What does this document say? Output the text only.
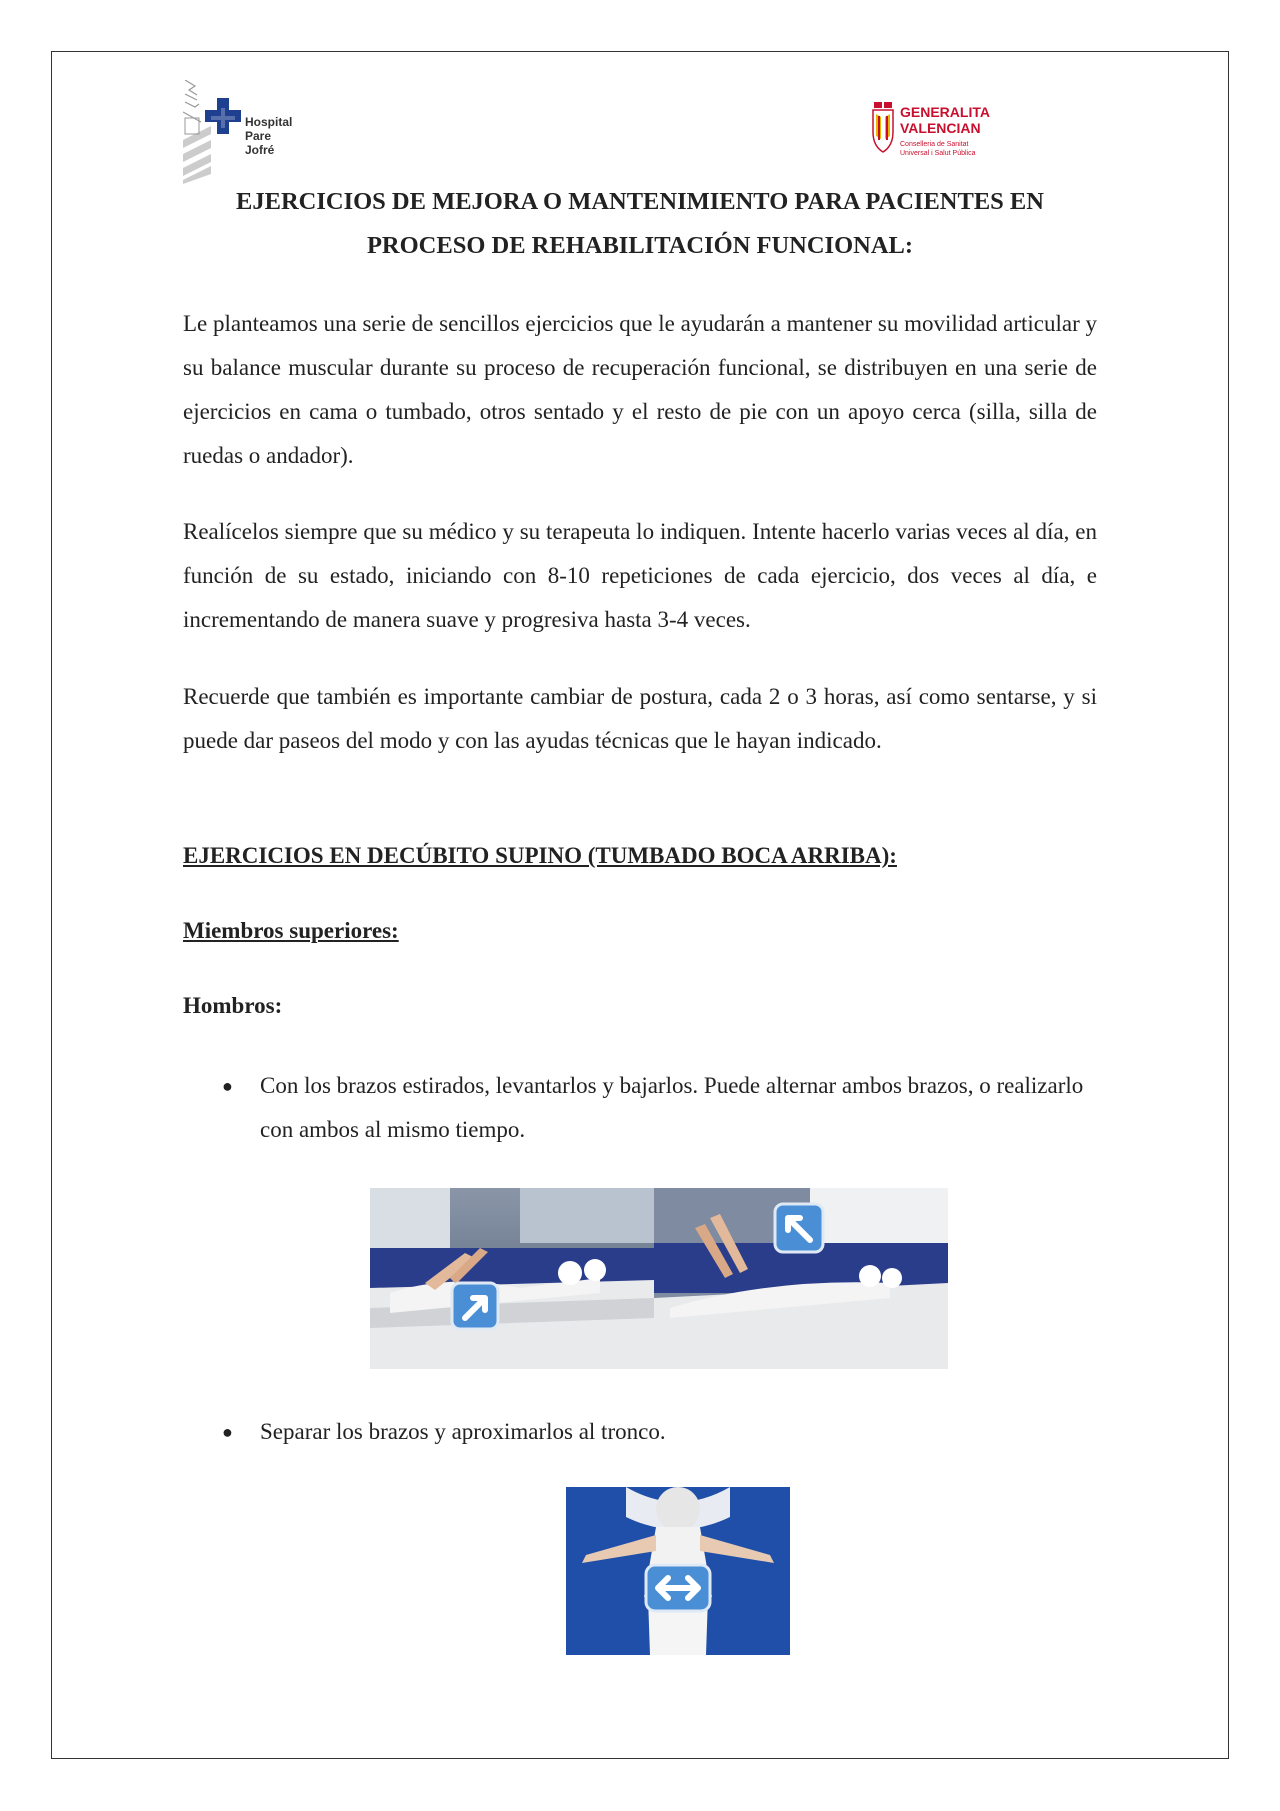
Hospital
Pare Jofré
GENERALITA
VALENCIAN
Conselleria de Sanitat
Universal i Salut Pública
EJERCICIOS DE MEJORA O MANTENIMIENTO PARA PACIENTES EN
PROCESO DE REHABILITACIÓN FUNCIONAL:
Le planteamos una serie de sencillos ejercicios que le ayudarán a mantener su movilidad articular y su balance muscular durante su proceso de recuperación funcional, se distribuyen en una serie de ejercicios en cama o tumbado, otros sentado y el resto de pie con un apoyo cerca (silla, silla de ruedas o andador).
Realícelos siempre que su médico y su terapeuta lo indiquen. Intente hacerlo varias veces al día, en función de su estado, iniciando con 8-10 repeticiones de cada ejercicio, dos veces al día, e incrementando de manera suave y progresiva hasta 3-4 veces.
Recuerde que también es importante cambiar de postura, cada 2 o 3 horas, así como sentarse, y si puede dar paseos del modo y con las ayudas técnicas que le hayan indicado.
EJERCICIOS EN DECÚBITO SUPINO (TUMBADO BOCA ARRIBA):
Miembros superiores:
Hombros:
● Con los brazos estirados, levantarlos y bajarlos. Puede alternar ambos brazos, o realizarlo con ambos al mismo tiempo.
● Separar los brazos y aproximarlos al tronco.
